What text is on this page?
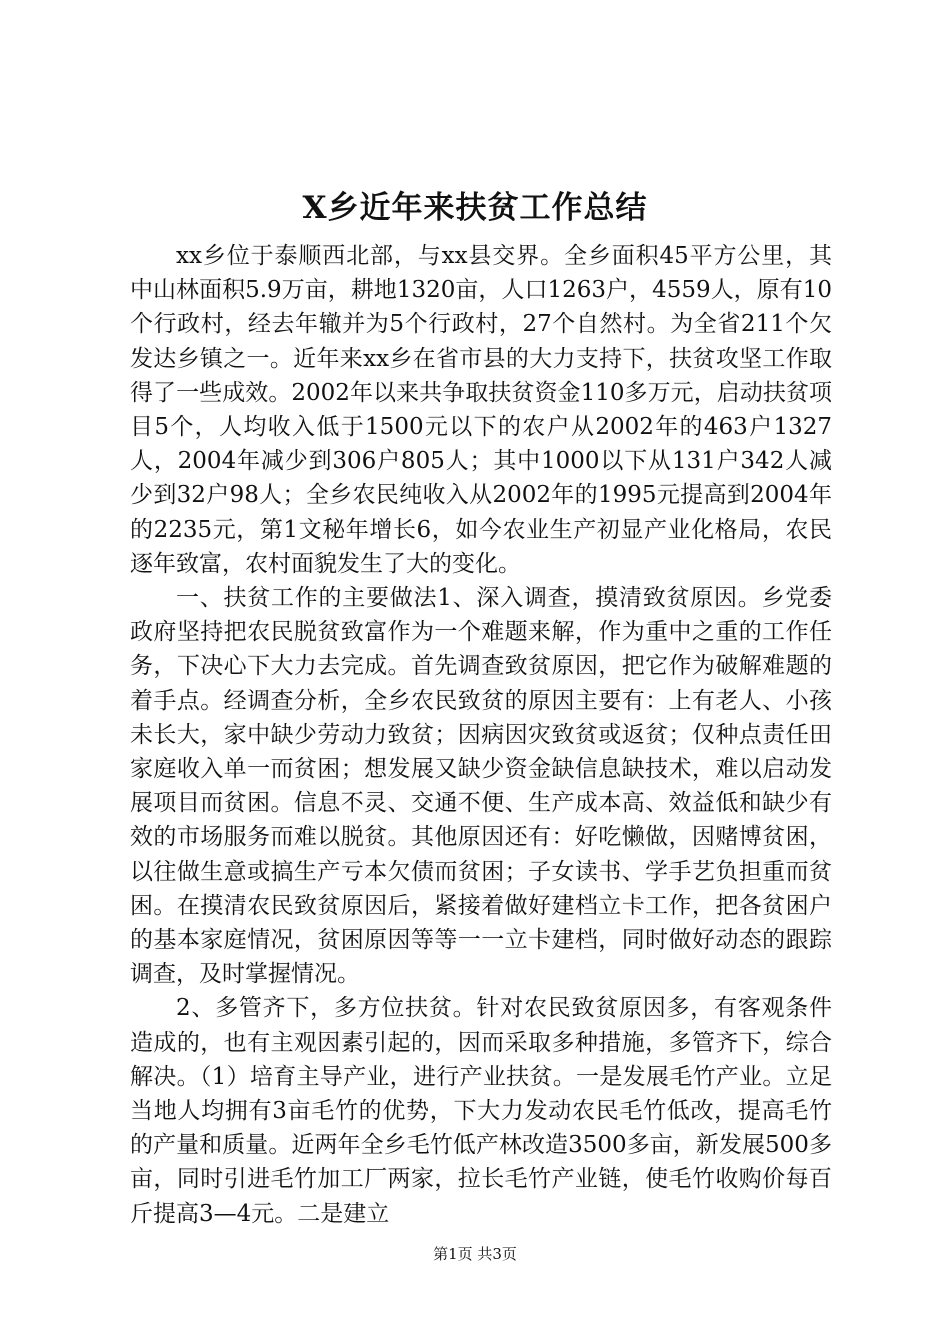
X乡近年来扶贫工作总结

xx乡位于泰顺西北部，与xx县交界。全乡面积45平方公里，其中山林面积5.9万亩，耕地1320亩，人口1263户，4559人，原有10个行政村，经去年辙并为5个行政村，27个自然村。为全省211个欠发达乡镇之一。近年来xx乡在省市县的大力支持下，扶贫攻坚工作取得了一些成效。2002年以来共争取扶贫资金110多万元，启动扶贫项目5个，人均收入低于1500元以下的农户从2002年的463户1327人，2004年减少到306户805人；其中1000以下从131户342人减少到32户98人；全乡农民纯收入从2002年的1995元提高到2004年的2235元，第1文秘年增长6，如今农业生产初显产业化格局，农民逐年致富，农村面貌发生了大的变化。

一、扶贫工作的主要做法1、深入调查，摸清致贫原因。乡党委政府坚持把农民脱贫致富作为一个难题来解，作为重中之重的工作任务，下决心下大力去完成。首先调查致贫原因，把它作为破解难题的着手点。经调查分析，全乡农民致贫的原因主要有：上有老人、小孩未长大，家中缺少劳动力致贫；因病因灾致贫或返贫；仅种点责任田家庭收入单一而贫困；想发展又缺少资金缺信息缺技术，难以启动发展项目而贫困。信息不灵、交通不便、生产成本高、效益低和缺少有效的市场服务而难以脱贫。其他原因还有：好吃懒做，因赌博贫困，以往做生意或搞生产亏本欠债而贫困；子女读书、学手艺负担重而贫困。在摸清农民致贫原因后，紧接着做好建档立卡工作，把各贫困户的基本家庭情况，贫困原因等等一一立卡建档，同时做好动态的跟踪调查，及时掌握情况。

2、多管齐下，多方位扶贫。针对农民致贫原因多，有客观条件造成的，也有主观因素引起的，因而采取多种措施，多管齐下，综合解决。（1）培育主导产业，进行产业扶贫。一是发展毛竹产业。立足当地人均拥有3亩毛竹的优势，下大力发动农民毛竹低改，提高毛竹的产量和质量。近两年全乡毛竹低产林改造3500多亩，新发展500多亩，同时引进毛竹加工厂两家，拉长毛竹产业链，使毛竹收购价每百斤提高3—4元。二是建立

第1页 共3页
